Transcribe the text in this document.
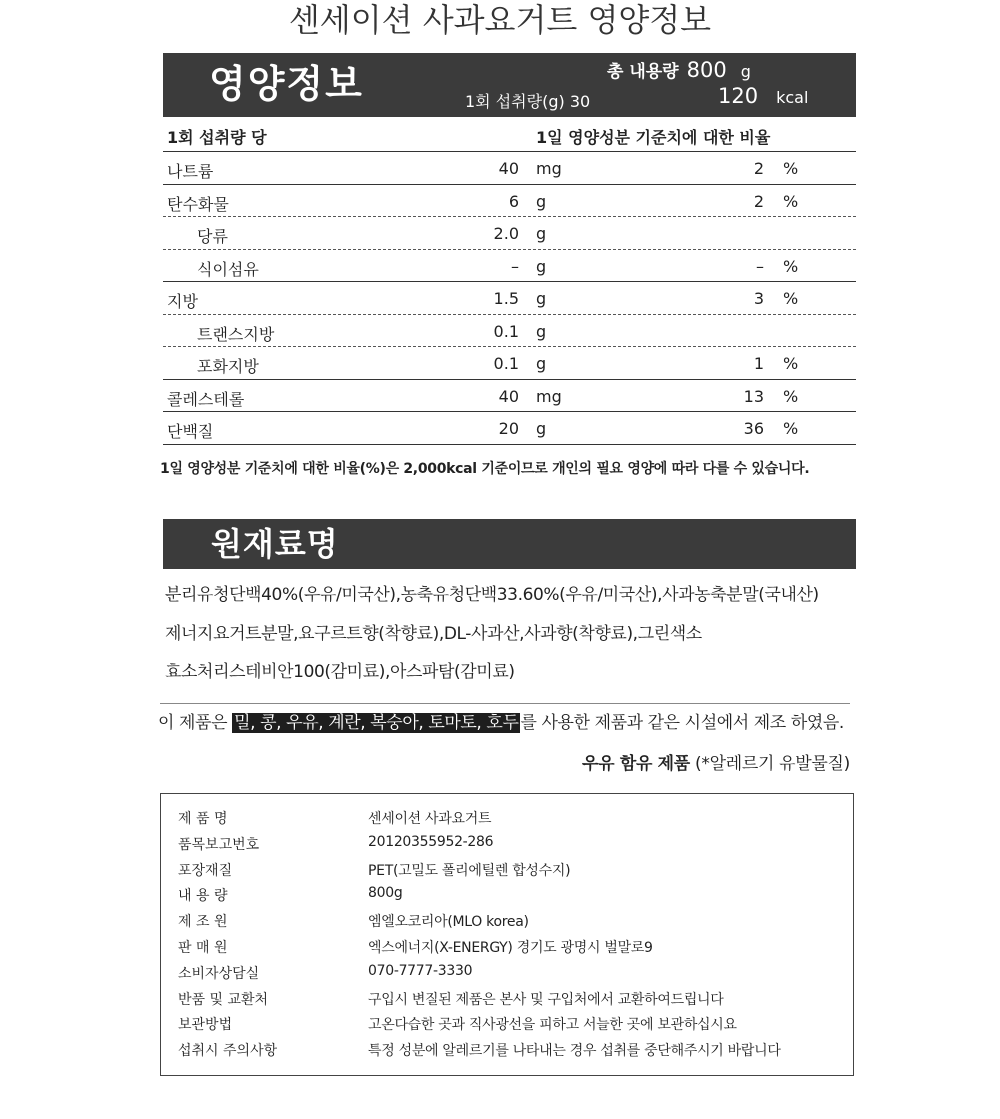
센세이션 사과요거트 영양정보
영양정보	총 내용량 800 g
1회 섭취량(g) 30	120 kcal
1회 섭취량 당	1일 영양성분 기준치에 대한 비율
나트륨	40 mg	2 %
탄수화물	6 g	2 %
당류	2.0 g
식이섬유	– g	– %
지방	1.5 g	3 %
트랜스지방	0.1 g
포화지방	0.1 g	1 %
콜레스테롤	40 mg	13 %
단백질	20 g	36 %
1일 영양성분 기준치에 대한 비율(%)은 2,000kcal 기준이므로 개인의 필요 영양에 따라 다를 수 있습니다.
원재료명
분리유청단백40%(우유/미국산),농축유청단백33.60%(우유/미국산),사과농축분말(국내산)
제너지요거트분말,요구르트향(착향료),DL-사과산,사과향(착향료),그린색소
효소처리스테비안100(감미료),아스파탐(감미료)
이 제품은 밀, 콩, 우유, 계란, 복숭아, 토마토, 호두 를 사용한 제품과 같은 시설에서 제조 하였음.
우유 함유 제품 (*알레르기 유발물질)
제 품 명	센세이션 사과요거트
품목보고번호	20120355952-286
포장재질	PET(고밀도 폴리에틸렌 합성수지)
내 용 량	800g
제 조 원	엠엘오코리아(MLO korea)
판 매 원	엑스에너지(X-ENERGY) 경기도 광명시 벌말로9
소비자상담실	070-7777-3330
반품 및 교환처	구입시 변질된 제품은 본사 및 구입처에서 교환하여드립니다
보관방법	고온다습한 곳과 직사광선을 피하고 서늘한 곳에 보관하십시요
섭취시 주의사항	특정 성분에 알레르기를 나타내는 경우 섭취를 중단해주시기 바랍니다
